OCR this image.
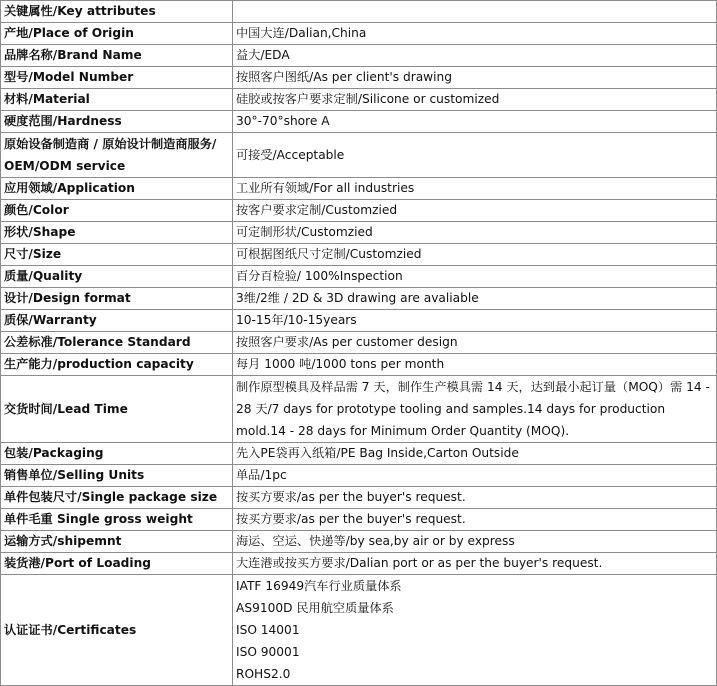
关键属性/Key attributes	
产地/Place of Origin	中国大连/Dalian,China
品牌名称/Brand Name	益大/EDA
型号/Model Number	按照客户图纸/As per client's drawing
材料/Material	硅胶或按客户要求定制/Silicone or customized
硬度范围/Hardness	30°-70°shore A
原始设备制造商 / 原始设计制造商服务/ OEM/ODM service	可接受/Acceptable
应用领域/Application	工业所有领域/For all industries
颜色/Color	按客户要求定制/Customzied
形状/Shape	可定制形状/Customzied
尺寸/Size	可根据图纸尺寸定制/Customzied
质量/Quality	百分百检验/ 100%Inspection
设计/Design format	3维/2维 / 2D & 3D drawing are avaliable
质保/Warranty	10-15年/10-15years
公差标准/Tolerance Standard	按照客户要求/As per customer design
生产能力/production capacity	每月 1000 吨/1000 tons per month
交货时间/Lead Time	制作原型模具及样品需 7 天，制作生产模具需 14 天，达到最小起订量（MOQ）需 14 - 28 天/7 days for prototype tooling and samples.14 days for production mold.14 - 28 days for Minimum Order Quantity (MOQ).
包装/Packaging	先入PE袋再入纸箱/PE Bag Inside,Carton Outside
销售单位/Selling Units	单品/1pc
单件包装尺寸/Single package size	按买方要求/as per the buyer's request.
单件毛重 Single gross weight	按买方要求/as per the buyer's request.
运输方式/shipemnt	海运、空运、快递等/by sea,by air or by express
装货港/Port of Loading	大连港或按买方要求/Dalian port or as per the buyer's request.
认证证书/Certificates	IATF 16949汽车行业质量体系
AS9100D 民用航空质量体系
ISO 14001
ISO 90001
ROHS2.0
